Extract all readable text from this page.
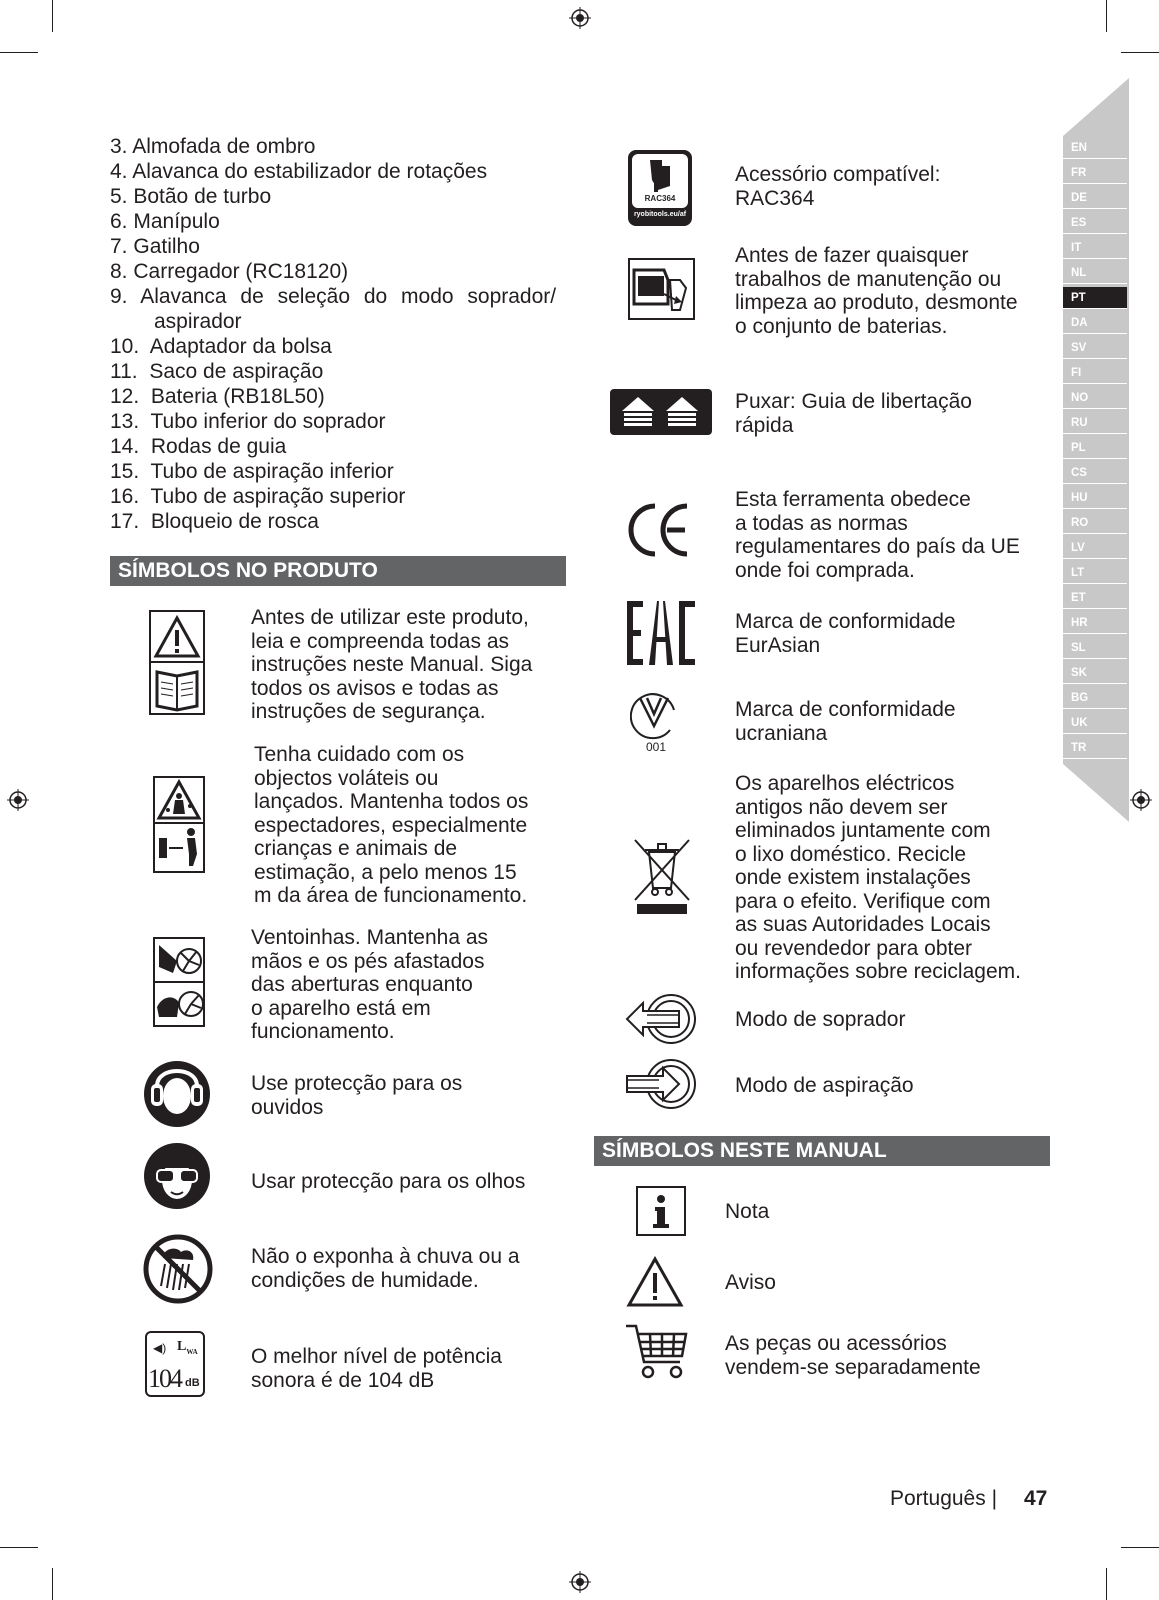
3. Almofada de ombro
4. Alavanca do estabilizador de rotações
5. Botão de turbo
6. Manípulo
7. Gatilho
8. Carregador (RC18120)
9. Alavanca de seleção do modo soprador/
aspirador
10. Adaptador da bolsa
11. Saco de aspiração
12. Bateria (RB18L50)
13. Tubo inferior do soprador
14. Rodas de guia
15. Tubo de aspiração inferior
16. Tubo de aspiração superior
17. Bloqueio de rosca
SÍMBOLOS NO PRODUTO
Antes de utilizar este produto,
leia e compreenda todas as
instruções neste Manual. Siga
todos os avisos e todas as
instruções de segurança.
Tenha cuidado com os
objectos voláteis ou
lançados. Mantenha todos os
espectadores, especialmente
crianças e animais de
estimação, a pelo menos 15
m da área de funcionamento.
Ventoinhas. Mantenha as
mãos e os pés afastados
das aberturas enquanto
o aparelho está em
funcionamento.
Use protecção para os
ouvidos
Usar protecção para os olhos
Não o exponha à chuva ou a
condições de humidade.
◀) $L_{WA}$
104 dB
O melhor nível de potência
sonora é de 104 dB
RAC364
ryobitools.eu/af
Acessório compatível:
RAC364
Antes de fazer quaisquer
trabalhos de manutenção ou
limpeza ao produto, desmonte
o conjunto de baterias.
Puxar: Guia de libertação
rápida
Esta ferramenta obedece
a todas as normas
regulamentares do país da UE
onde foi comprada.
Marca de conformidade
EurAsian
001
Marca de conformidade
ucraniana
Os aparelhos eléctricos
antigos não devem ser
eliminados juntamente com
o lixo doméstico. Recicle
onde existem instalações
para o efeito. Verifique com
as suas Autoridades Locais
ou revendedor para obter
informações sobre reciclagem.
Modo de soprador
Modo de aspiração
SÍMBOLOS NESTE MANUAL
Nota
Aviso
As peças ou acessórios
vendem-se separadamente
EN
FR
DE
ES
IT
NL
PT
DA
SV
FI
NO
RU
PL
CS
HU
RO
LV
LT
ET
HR
SL
SK
BG
UK
TR
Português | 47
